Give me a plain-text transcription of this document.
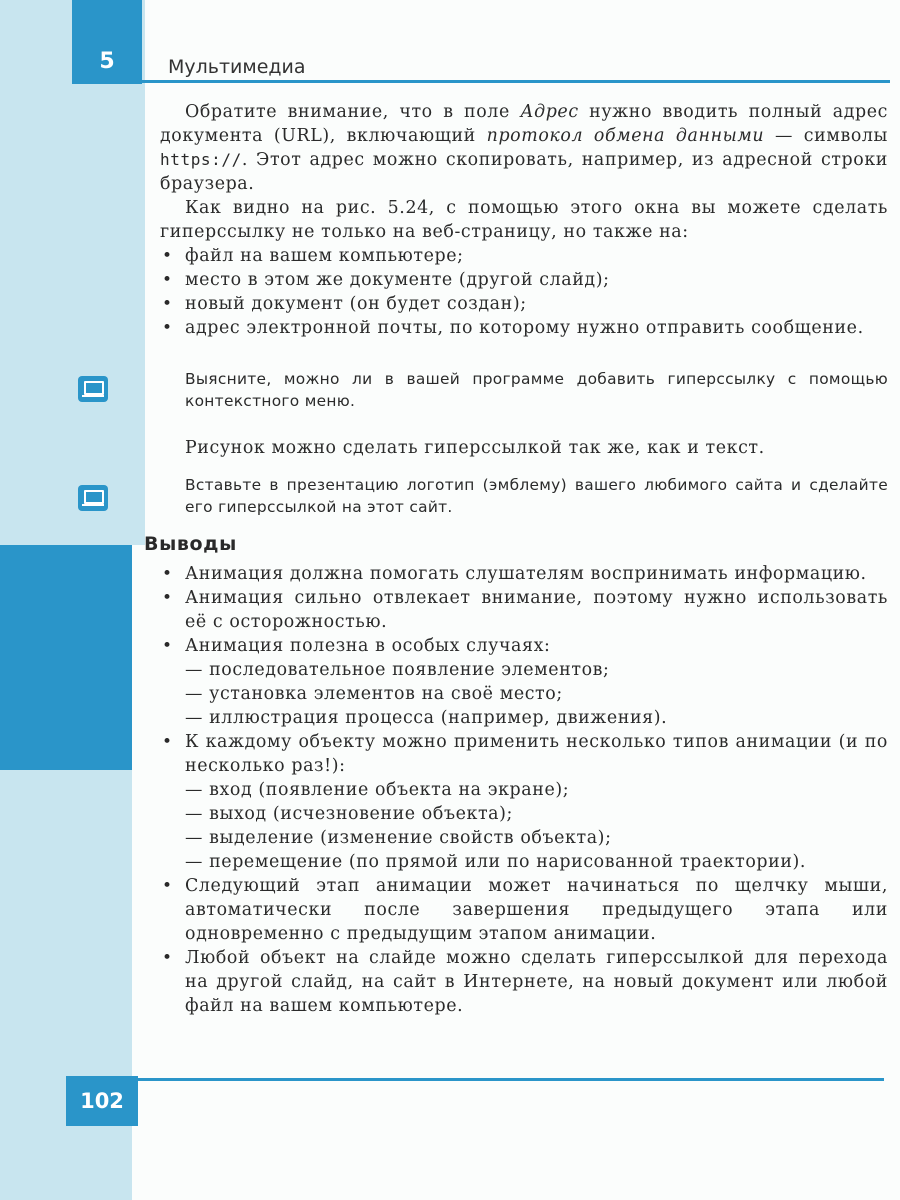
5	Мультимедиа

Обратите внимание, что в поле Адрес нужно вводить полный адрес документа (URL), включающий протокол обмена данными — символы https://. Этот адрес можно скопировать, например, из адресной строки браузера.

Как видно на рис. 5.24, с помощью этого окна вы можете сделать гиперссылку не только на веб-страницу, но также на:

• файл на вашем компьютере;
• место в этом же документе (другой слайд);
• новый документ (он будет создан);
• адрес электронной почты, по которому нужно отправить сообщение.

Выясните, можно ли в вашей программе добавить гиперссылку с помощью контекстного меню.

Рисунок можно сделать гиперссылкой так же, как и текст.

Вставьте в презентацию логотип (эмблему) вашего любимого сайта и сделайте его гиперссылкой на этот сайт.

Выводы
• Анимация должна помогать слушателям воспринимать информацию.
• Анимация сильно отвлекает внимание, поэтому нужно использовать её с осторожностью.
• Анимация полезна в особых случаях:
— последовательное появление элементов;
— установка элементов на своё место;
— иллюстрация процесса (например, движения).
• К каждому объекту можно применить несколько типов анимации (и по несколько раз!):
— вход (появление объекта на экране);
— выход (исчезновение объекта);
— выделение (изменение свойств объекта);
— перемещение (по прямой или по нарисованной траектории).
• Следующий этап анимации может начинаться по щелчку мыши, автоматически после завершения предыдущего этапа или одновременно с предыдущим этапом анимации.
• Любой объект на слайде можно сделать гиперссылкой для перехода на другой слайд, на сайт в Интернете, на новый документ или любой файл на вашем компьютере.
102
